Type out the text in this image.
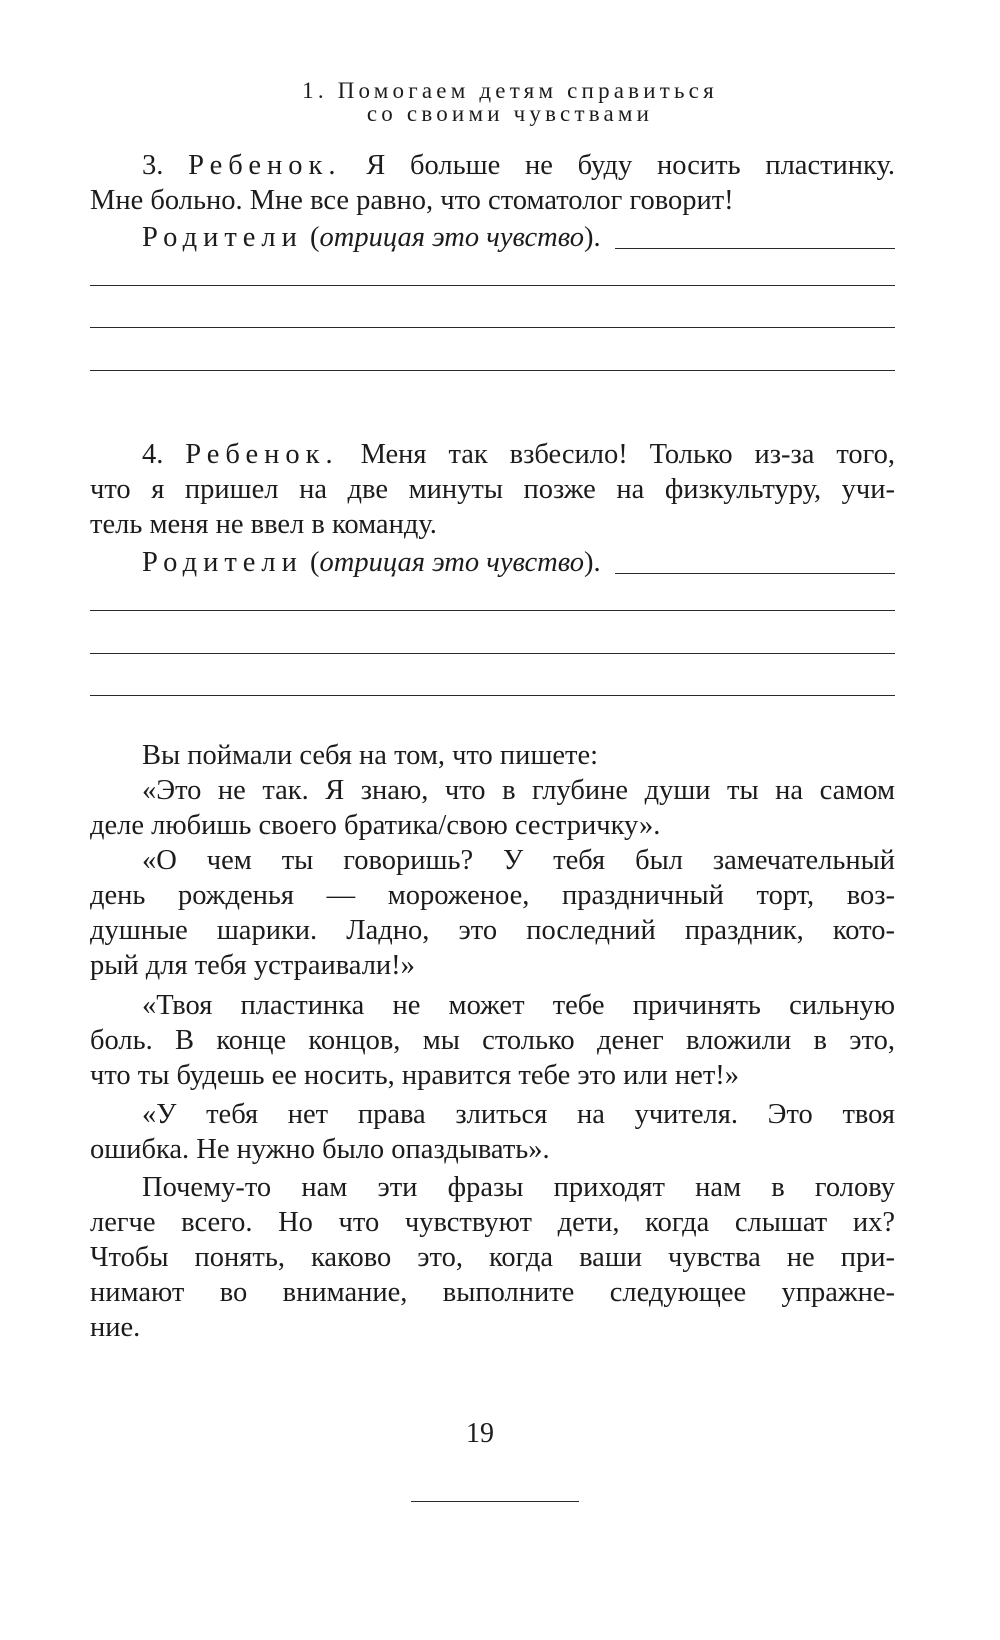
1. Помогаем детям справиться
со своими чувствами
3. Ребенок. Я больше не буду носить пластинку.
Мне больно. Мне все равно, что стоматолог говорит!
Родители ( отрицая это чувство ).
4. Ребенок. Меня так взбесило! Только из-за того,
что я пришел на две минуты позже на физкультуру, учи-
тель меня не ввел в команду.
Родители ( отрицая это чувство ).
Вы поймали себя на том, что пишете:
«Это не так. Я знаю, что в глубине души ты на самом
деле любишь своего братика/свою сестричку».
«О чем ты говоришь? У тебя был замечательный
день рожденья — мороженое, праздничный торт, воз-
душные шарики. Ладно, это последний праздник, кото-
рый для тебя устраивали!»
«Твоя пластинка не может тебе причинять сильную
боль. В конце концов, мы столько денег вложили в это,
что ты будешь ее носить, нравится тебе это или нет!»
«У тебя нет права злиться на учителя. Это твоя
ошибка. Не нужно было опаздывать».
Почему-то нам эти фразы приходят нам в голову
легче всего. Но что чувствуют дети, когда слышат их?
Чтобы понять, каково это, когда ваши чувства не при-
нимают во внимание, выполните следующее упражне-
ние.
19
